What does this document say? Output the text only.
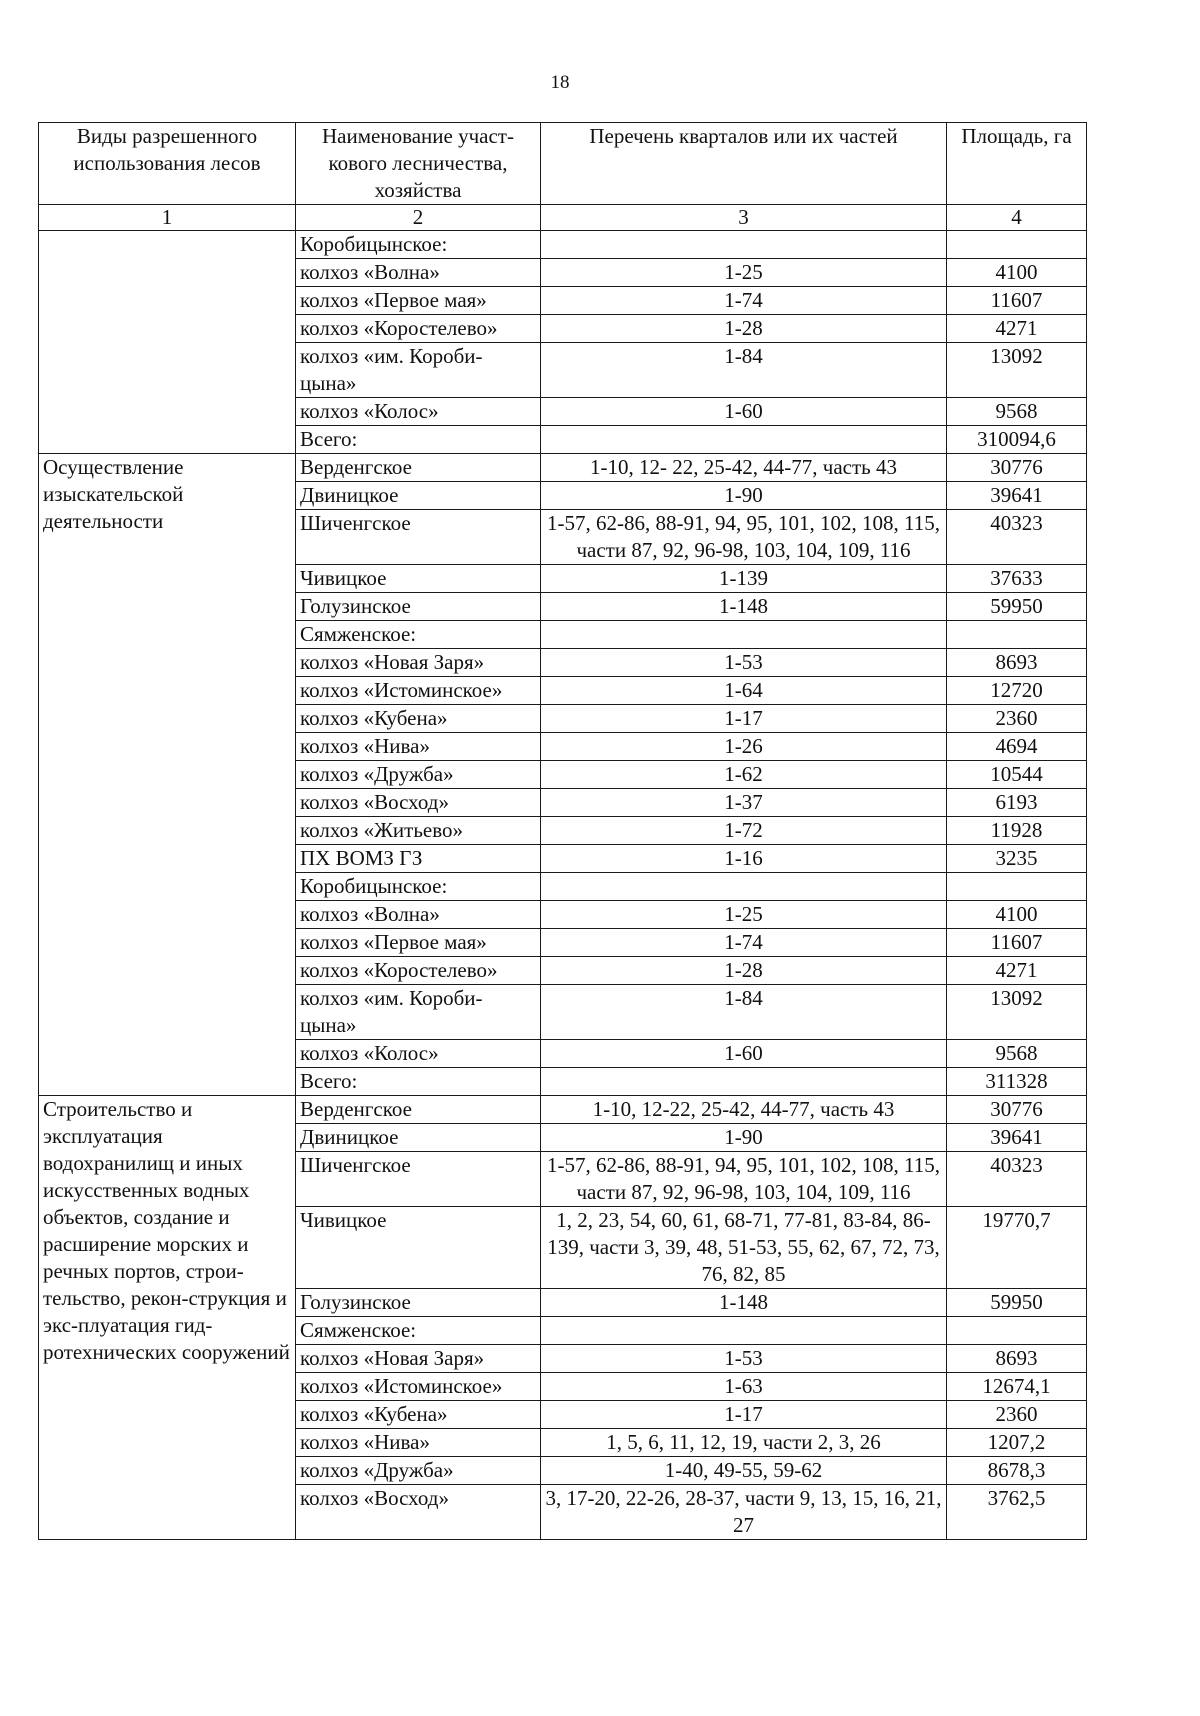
18
Виды разрешенного использования лесов	Наименование участ-кового лесничества, хозяйства	Перечень кварталов или их частей	Площадь, га
1	2	3	4
	Коробицынское:		
	колхоз «Волна»	1-25	4100
	колхоз «Первое мая»	1-74	11607
	колхоз «Коростелево»	1-28	4271
	колхоз «им. Короби-цына»	1-84	13092
	колхоз «Колос»	1-60	9568
	Всего:		310094,6
Осуществление изыскательской деятельности	Верденгское	1-10, 12- 22, 25-42, 44-77, часть 43	30776
	Двиницкое	1-90	39641
	Шиченгское	1-57, 62-86, 88-91, 94, 95, 101, 102, 108, 115, части 87, 92, 96-98, 103, 104, 109, 116	40323
	Чивицкое	1-139	37633
	Голузинское	1-148	59950
	Сямженское:		
	колхоз «Новая Заря»	1-53	8693
	колхоз «Истоминское»	1-64	12720
	колхоз «Кубена»	1-17	2360
	колхоз «Нива»	1-26	4694
	колхоз «Дружба»	1-62	10544
	колхоз «Восход»	1-37	6193
	колхоз «Житьево»	1-72	11928
	ПХ ВОМЗ ГЗ	1-16	3235
	Коробицынское:		
	колхоз «Волна»	1-25	4100
	колхоз «Первое мая»	1-74	11607
	колхоз «Коростелево»	1-28	4271
	колхоз «им. Короби-цына»	1-84	13092
	колхоз «Колос»	1-60	9568
	Всего:		311328
Строительство и эксплуатация водохранилищ и иных искусственных водных объектов, создание и расширение морских и речных портов, строи-тельство, рекон-струкция и экс-плуатация гид-ротехнических сооружений	Верденгское	1-10, 12-22, 25-42, 44-77, часть 43	30776
	Двиницкое	1-90	39641
	Шиченгское	1-57, 62-86, 88-91, 94, 95, 101, 102, 108, 115, части 87, 92, 96-98, 103, 104, 109, 116	40323
	Чивицкое	1, 2, 23, 54, 60, 61, 68-71, 77-81, 83-84, 86-139, части 3, 39, 48, 51-53, 55, 62, 67, 72, 73, 76, 82, 85	19770,7
	Голузинское	1-148	59950
	Сямженское:		
	колхоз «Новая Заря»	1-53	8693
	колхоз «Истоминское»	1-63	12674,1
	колхоз «Кубена»	1-17	2360
	колхоз «Нива»	1, 5, 6, 11, 12, 19, части 2, 3, 26	1207,2
	колхоз «Дружба»	1-40, 49-55, 59-62	8678,3
	колхоз «Восход»	3, 17-20, 22-26, 28-37, части 9, 13, 15, 16, 21, 27	3762,5
